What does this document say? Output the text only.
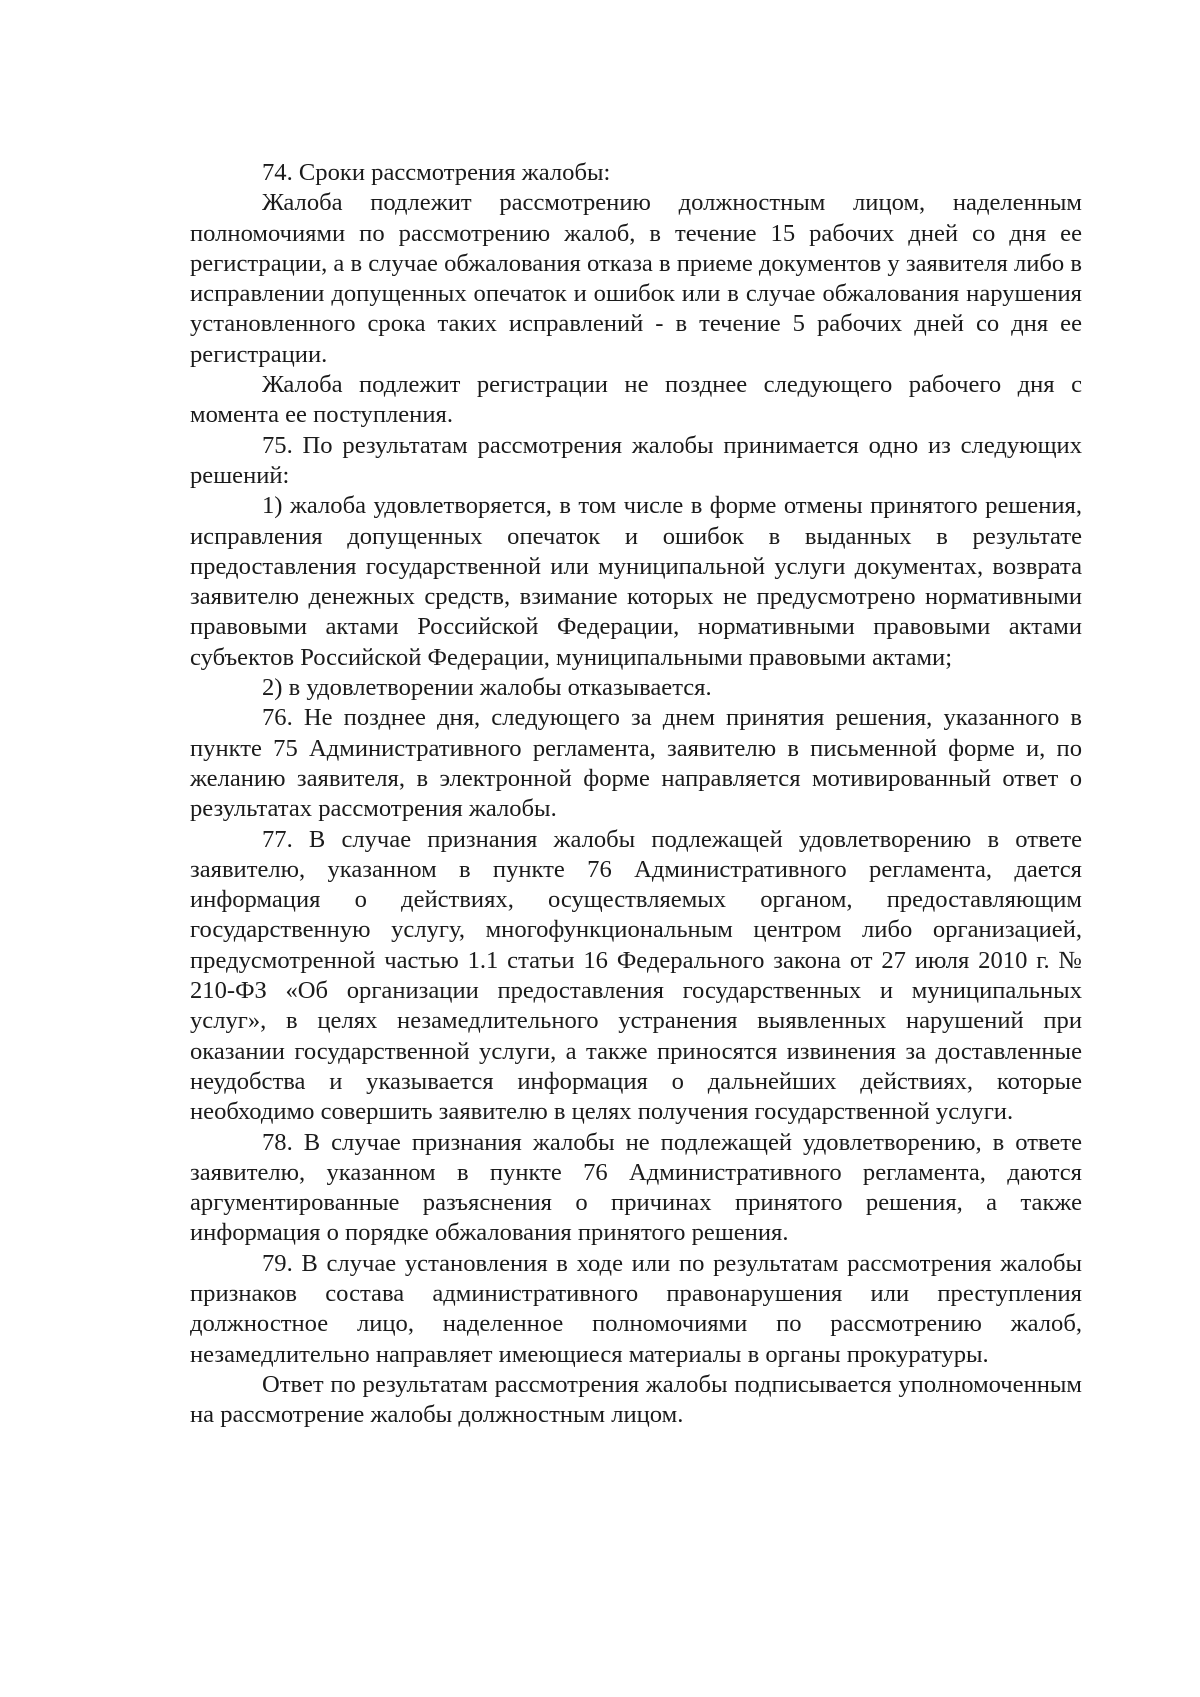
74. Сроки рассмотрения жалобы:

Жалоба подлежит рассмотрению должностным лицом, наделенным полномочиями по рассмотрению жалоб, в течение 15 рабочих дней со дня ее регистрации, а в случае обжалования отказа в приеме документов у заявителя либо в исправлении допущенных опечаток и ошибок или в случае обжалования нарушения установленного срока таких исправлений - в течение 5 рабочих дней со дня ее регистрации.

Жалоба подлежит регистрации не позднее следующего рабочего дня с момента ее поступления.

75. По результатам рассмотрения жалобы принимается одно из следующих решений:

1) жалоба удовлетворяется, в том числе в форме отмены принятого решения, исправления допущенных опечаток и ошибок в выданных в результате предоставления государственной или муниципальной услуги документах, возврата заявителю денежных средств, взимание которых не предусмотрено нормативными правовыми актами Российской Федерации, нормативными правовыми актами субъектов Российской Федерации, муниципальными правовыми актами;

2) в удовлетворении жалобы отказывается.

76. Не позднее дня, следующего за днем принятия решения, указанного в пункте 75 Административного регламента, заявителю в письменной форме и, по желанию заявителя, в электронной форме направляется мотивированный ответ о результатах рассмотрения жалобы.

77. В случае признания жалобы подлежащей удовлетворению в ответе заявителю, указанном в пункте 76 Административного регламента, дается информация о действиях, осуществляемых органом, предоставляющим государственную услугу, многофункциональным центром либо организацией, предусмотренной частью 1.1 статьи 16 Федерального закона от 27 июля 2010 г. № 210-ФЗ «Об организации предоставления государственных и муниципальных услуг», в целях незамедлительного устранения выявленных нарушений при оказании государственной услуги, а также приносятся извинения за доставленные неудобства и указывается информация о дальнейших действиях, которые необходимо совершить заявителю в целях получения государственной услуги.

78. В случае признания жалобы не подлежащей удовлетворению, в ответе заявителю, указанном в пункте 76 Административного регламента, даются аргументированные разъяснения о причинах принятого решения, а также информация о порядке обжалования принятого решения.

79. В случае установления в ходе или по результатам рассмотрения жалобы признаков состава административного правонарушения или преступления должностное лицо, наделенное полномочиями по рассмотрению жалоб, незамедлительно направляет имеющиеся материалы в органы прокуратуры.

Ответ по результатам рассмотрения жалобы подписывается уполномоченным на рассмотрение жалобы должностным лицом.
